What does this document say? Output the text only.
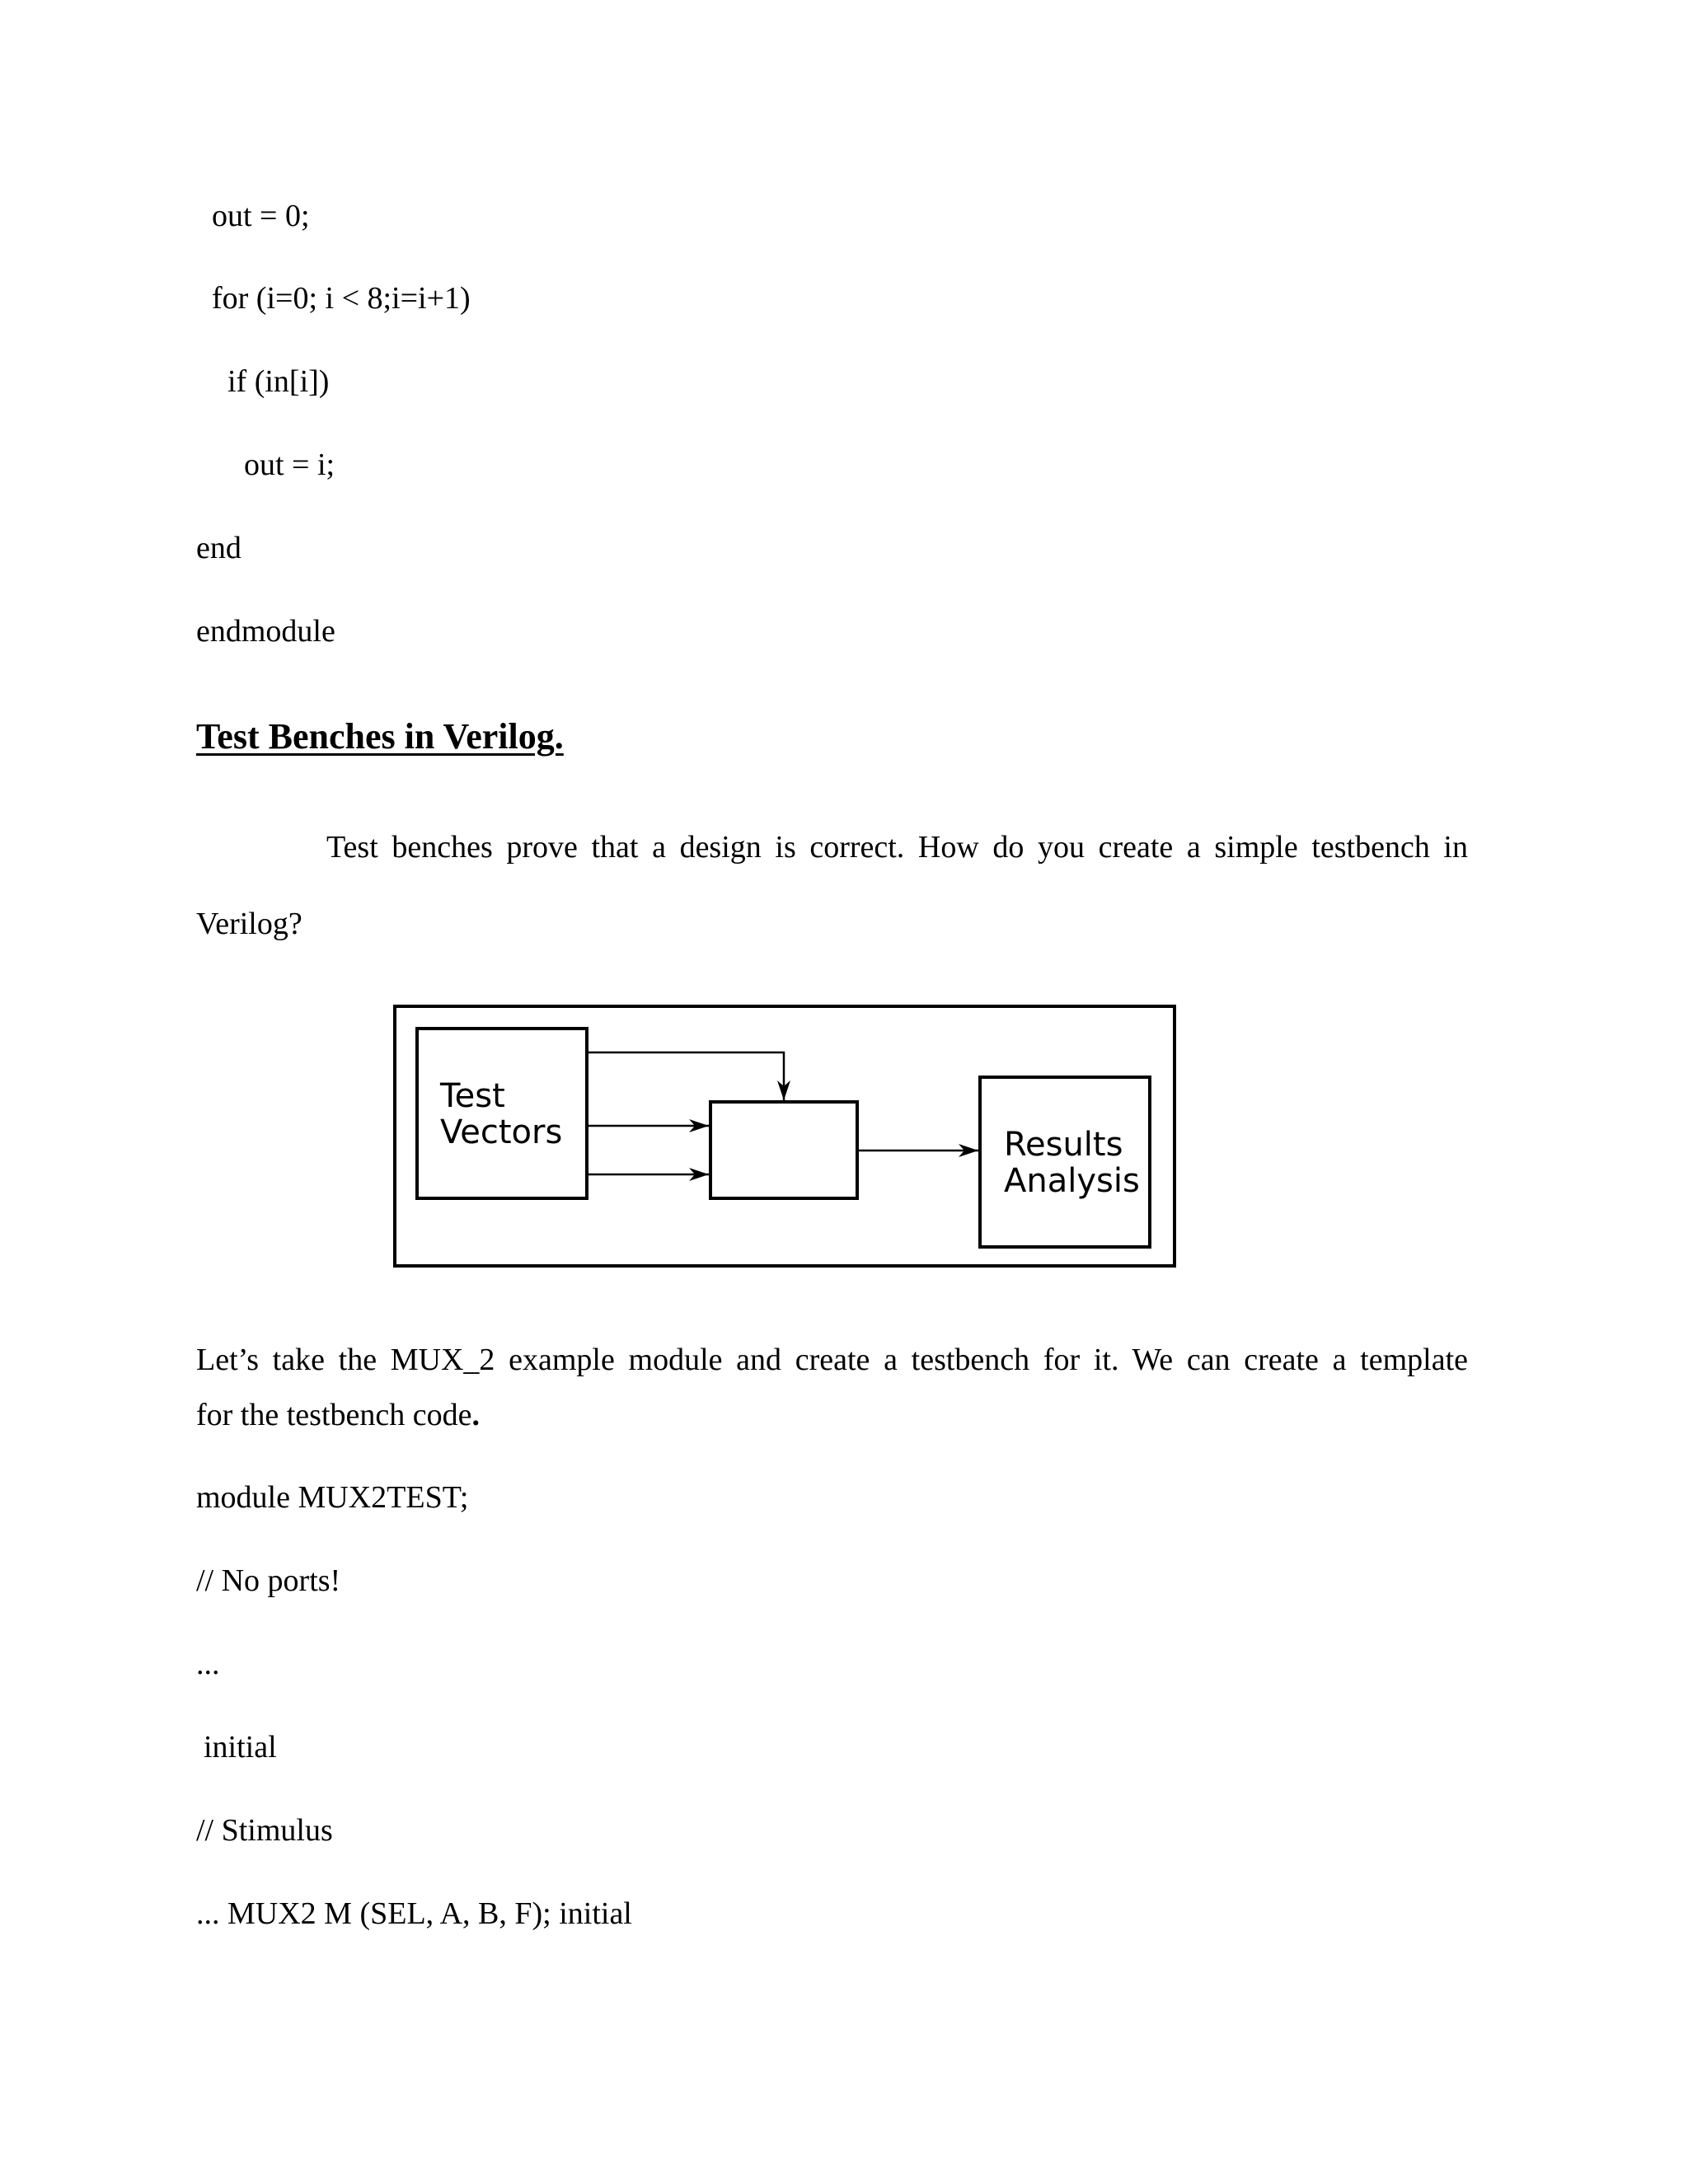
out = 0;
for (i=0; i < 8;i=i+1)
if (in[i])
out = i;
end
endmodule
Test Benches in Verilog.
Test benches prove that a design is correct. How do you create a simple testbench in
Verilog?
Test
Vectors	Results
Analysis
Let’s take the MUX_2 example module and create a testbench for it. We can create a template
for the testbench code.
module MUX2TEST;
// No ports!
...
initial
// Stimulus
... MUX2 M (SEL, A, B, F); initial
